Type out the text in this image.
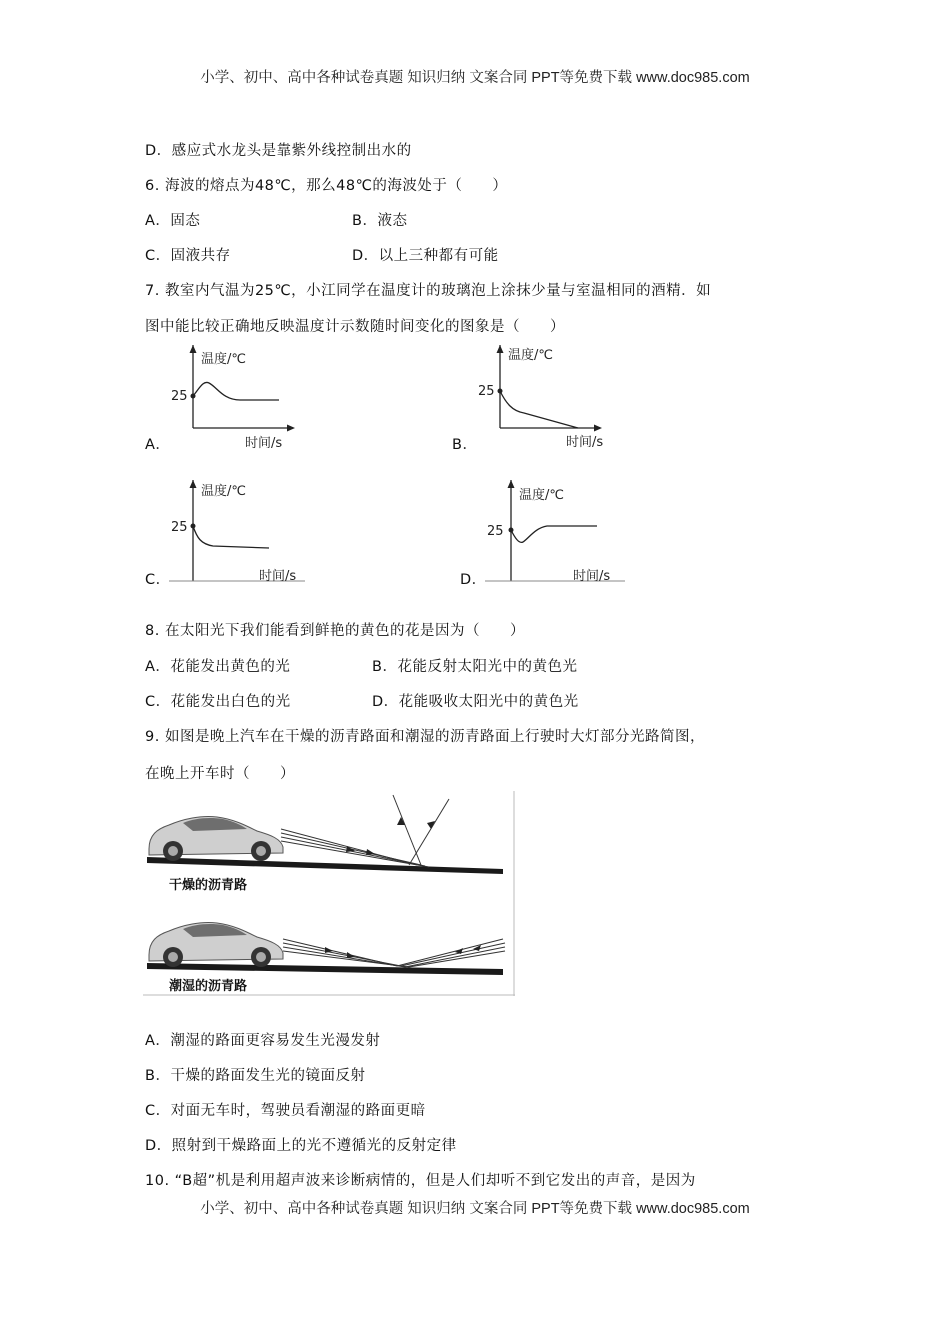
小学、初中、高中各种试卷真题 知识归纳 文案合同 PPT等免费下载 www.doc985.com
D．感应式水龙头是靠紫外线控制出水的
6. 海波的熔点为48℃，那么48℃的海波处于（　　）
A．固态	B．液态
C．固液共存	D．以上三种都有可能
7. 教室内气温为25℃，小江同学在温度计的玻璃泡上涂抹少量与室温相同的酒精．如
图中能比较正确地反映温度计示数随时间变化的图象是（　　）
A．
温度/℃
时间/s
25
B．
温度/℃
时间/s
25
C．
温度/℃
时间/s
25
D．
温度/℃
时间/s
25
8. 在太阳光下我们能看到鲜艳的黄色的花是因为（　　）
A．花能发出黄色的光	B．花能反射太阳光中的黄色光
C．花能发出白色的光	D．花能吸收太阳光中的黄色光
9. 如图是晚上汽车在干燥的沥青路面和潮湿的沥青路面上行驶时大灯部分光路简图，
在晚上开车时（　　）
干燥的沥青路
潮湿的沥青路
A．潮湿的路面更容易发生光漫发射
B．干燥的路面发生光的镜面反射
C．对面无车时，驾驶员看潮湿的路面更暗
D．照射到干燥路面上的光不遵循光的反射定律
10. “B超”机是利用超声波来诊断病情的，但是人们却听不到它发出的声音，是因为
小学、初中、高中各种试卷真题 知识归纳 文案合同 PPT等免费下载 www.doc985.com
